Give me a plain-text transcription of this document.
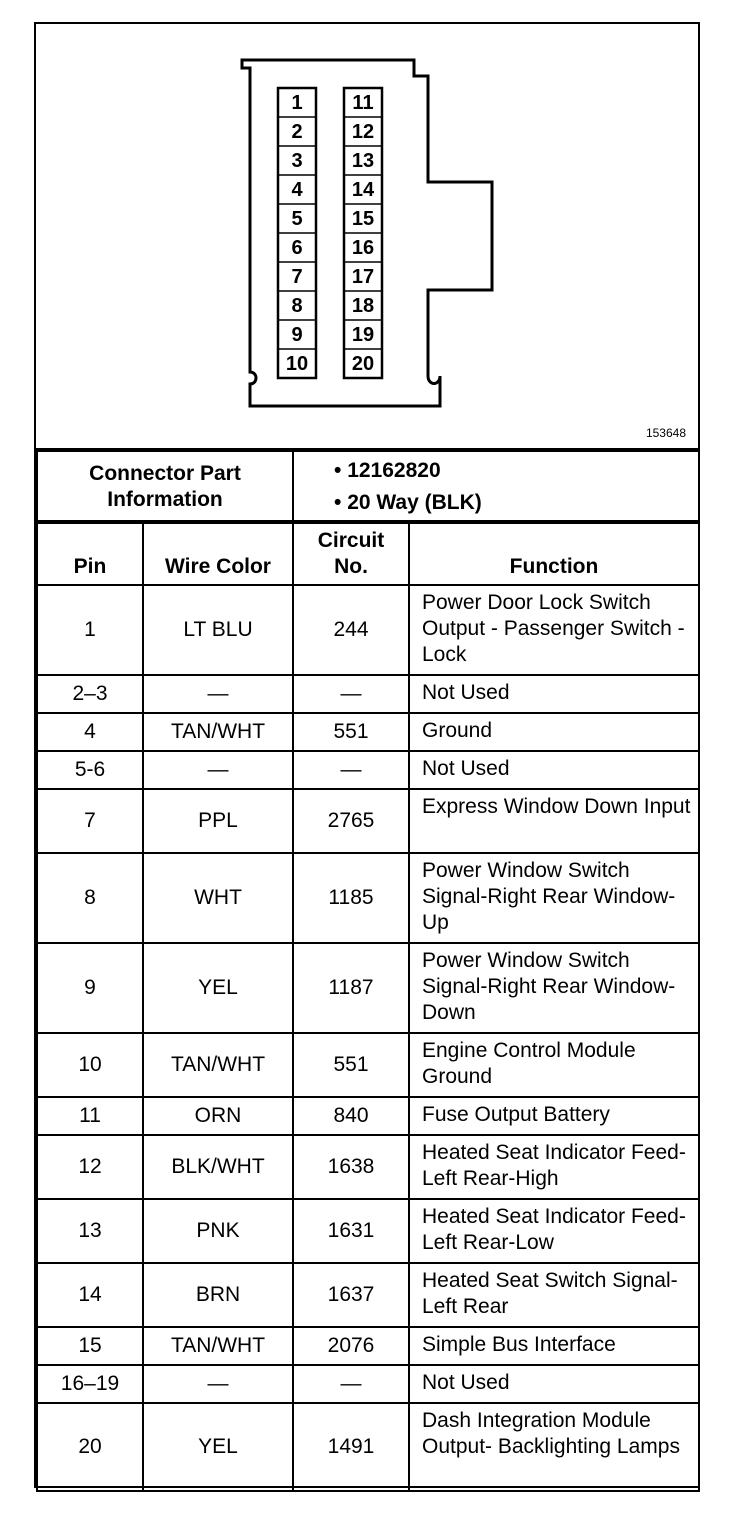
1
2
3
4
5
6
7
8
9
10
11
12
13
14
15
16
17
18
19
20
153648
Connector Part Information	
• 12162820
• 20 Way (BLK)
Pin	Wire Color	Circuit No.	Function
1	LT BLU	244	Power Door Lock Switch Output - Passenger Switch - Lock
2–3	—	—	Not Used
4	TAN/WHT	551	Ground
5-6	—	—	Not Used
7	PPL	2765	Express Window Down Input
8	WHT	1185	Power Window Switch Signal-Right Rear Window-Up
9	YEL	1187	Power Window Switch Signal-Right Rear Window-Down
10	TAN/WHT	551	Engine Control Module Ground
11	ORN	840	Fuse Output Battery
12	BLK/WHT	1638	Heated Seat Indicator Feed-Left Rear-High
13	PNK	1631	Heated Seat Indicator Feed-Left Rear-Low
14	BRN	1637	Heated Seat Switch Signal-Left Rear
15	TAN/WHT	2076	Simple Bus Interface
16–19	—	—	Not Used
20	YEL	1491	Dash Integration Module Output- Backlighting Lamps
